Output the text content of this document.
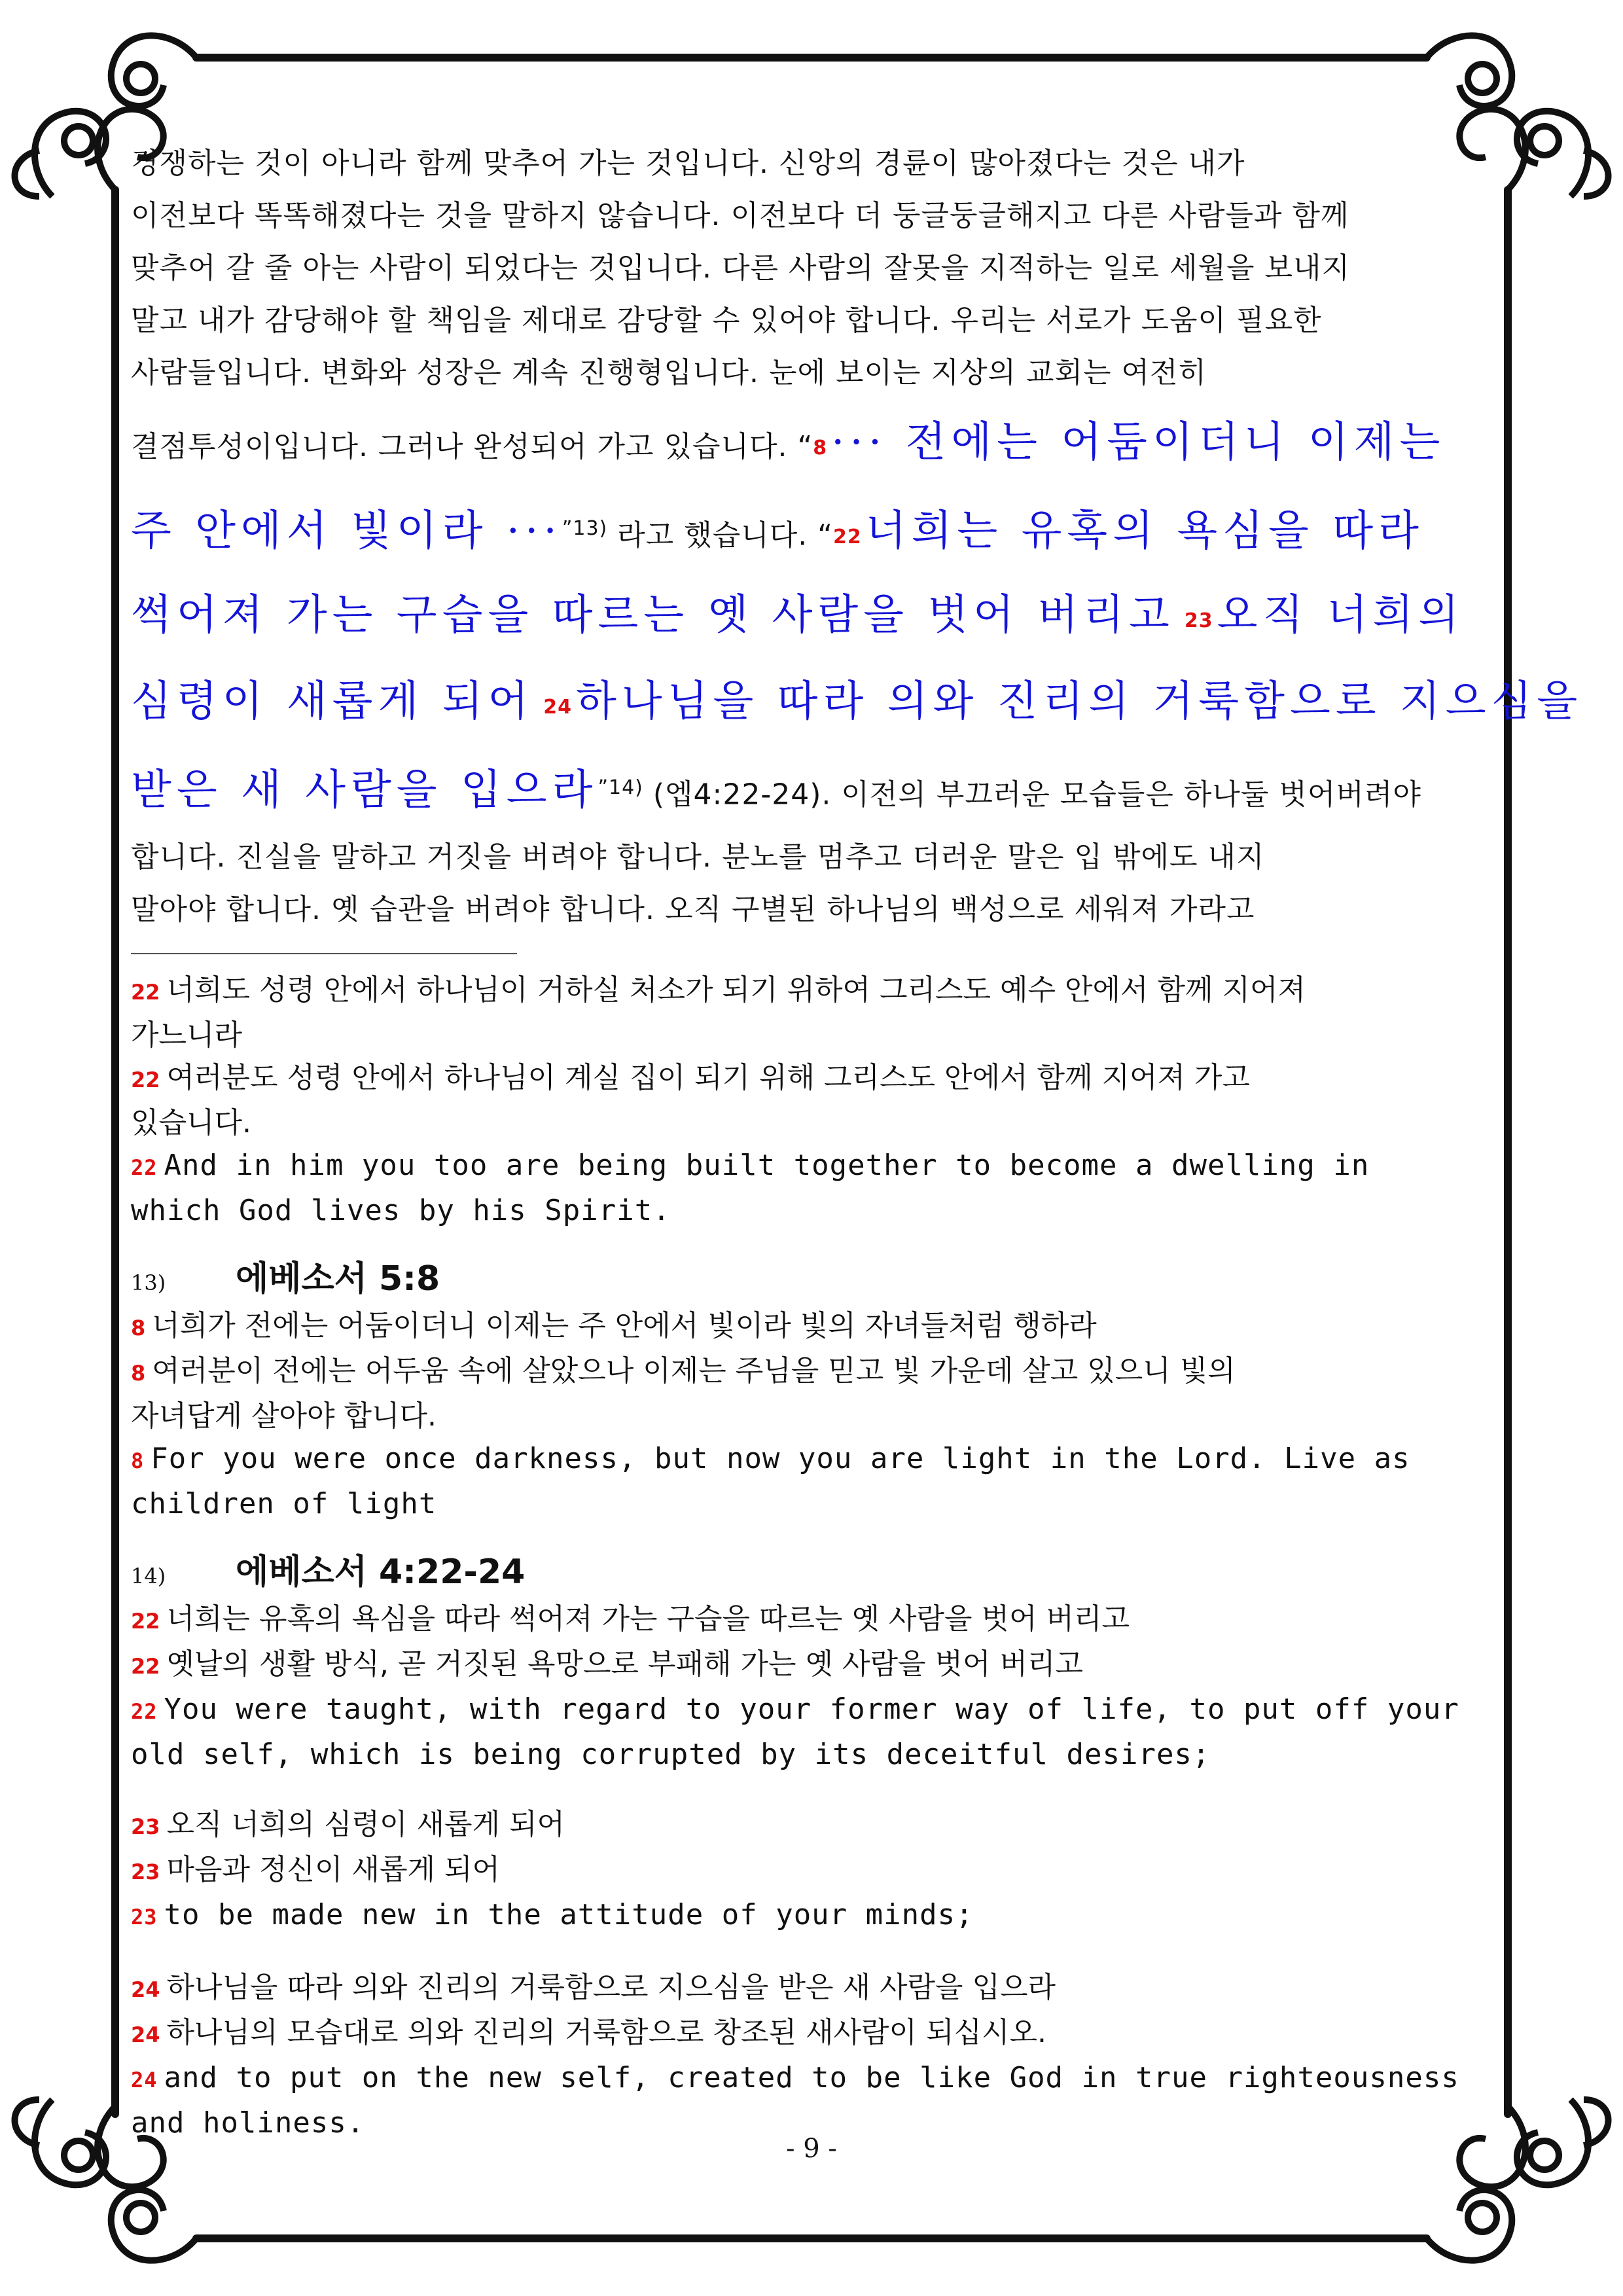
경쟁하는 것이 아니라 함께 맞추어 가는 것입니다. 신앙의 경륜이 많아졌다는 것은 내가
이전보다 똑똑해졌다는 것을 말하지 않습니다. 이전보다 더 둥글둥글해지고 다른 사람들과 함께
맞추어 갈 줄 아는 사람이 되었다는 것입니다. 다른 사람의 잘못을 지적하는 일로 세월을 보내지
말고 내가 감당해야 할 책임을 제대로 감당할 수 있어야 합니다. 우리는 서로가 도움이 필요한
사람들입니다. 변화와 성장은 계속 진행형입니다. 눈에 보이는 지상의 교회는 여전히
결점투성이입니다. 그러나 완성되어 가고 있습니다. “8··· 전에는 어둠이더니 이제는
주 안에서 빛이라 ···$^{”13)}$ 라고 했습니다. “22너희는 유혹의 욕심을 따라
썩어져 가는 구습을 따르는 옛 사람을 벗어 버리고 23오직 너희의
심령이 새롭게 되어 24하나님을 따라 의와 진리의 거룩함으로 지으심을
받은 새 사람을 입으라$^{”14)}$ (엡4:22-24). 이전의 부끄러운 모습들은 하나둘 벗어버려야
합니다. 진실을 말하고 거짓을 버려야 합니다. 분노를 멈추고 더러운 말은 입 밖에도 내지
말아야 합니다. 옛 습관을 버려야 합니다. 오직 구별된 하나님의 백성으로 세워져 가라고
22 너희도 성령 안에서 하나님이 거하실 처소가 되기 위하여 그리스도 예수 안에서 함께 지어져
가느니라
22 여러분도 성령 안에서 하나님이 계실 집이 되기 위해 그리스도 안에서 함께 지어져 가고
있습니다.
22 And in him you too are being built together to become a dwelling in
which God lives by his Spirit.
13) 에베소서 5:8
8 너희가 전에는 어둠이더니 이제는 주 안에서 빛이라 빛의 자녀들처럼 행하라
8 여러분이 전에는 어두움 속에 살았으나 이제는 주님을 믿고 빛 가운데 살고 있으니 빛의
자녀답게 살아야 합니다.
8 For you were once darkness, but now you are light in the Lord. Live as
children of light
14) 에베소서 4:22-24
22 너희는 유혹의 욕심을 따라 썩어져 가는 구습을 따르는 옛 사람을 벗어 버리고
22 옛날의 생활 방식, 곧 거짓된 욕망으로 부패해 가는 옛 사람을 벗어 버리고
22 You were taught, with regard to your former way of life, to put off your
old self, which is being corrupted by its deceitful desires;
23 오직 너희의 심령이 새롭게 되어
23 마음과 정신이 새롭게 되어
23 to be made new in the attitude of your minds;
24 하나님을 따라 의와 진리의 거룩함으로 지으심을 받은 새 사람을 입으라
24 하나님의 모습대로 의와 진리의 거룩함으로 창조된 새사람이 되십시오.
24 and to put on the new self, created to be like God in true righteousness
and holiness.
- 9 -
